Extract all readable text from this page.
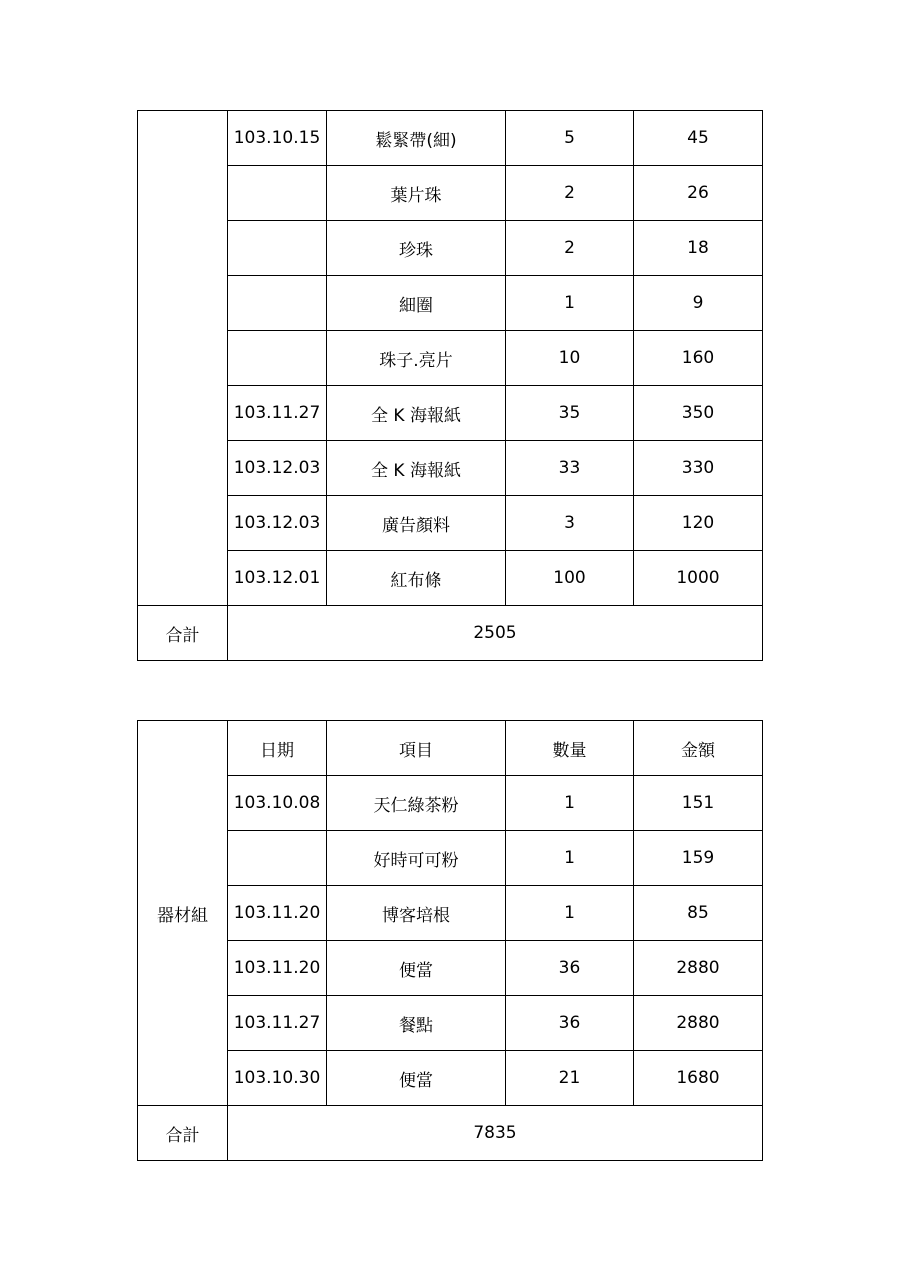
	103.10.15	鬆緊帶(細)	5	45
		葉片珠	2	26
		珍珠	2	18
		細圈	1	9
		珠子.亮片	10	160
	103.11.27	全 K 海報紙	35	350
	103.12.03	全 K 海報紙	33	330
	103.12.03	廣告顏料	3	120
	103.12.01	紅布條	100	1000
合計	2505			
器材組	日期	項目	數量	金額
	103.10.08	天仁綠茶粉	1	151
		好時可可粉	1	159
	103.11.20	博客培根	1	85
	103.11.20	便當	36	2880
	103.11.27	餐點	36	2880
	103.10.30	便當	21	1680
合計	7835			
